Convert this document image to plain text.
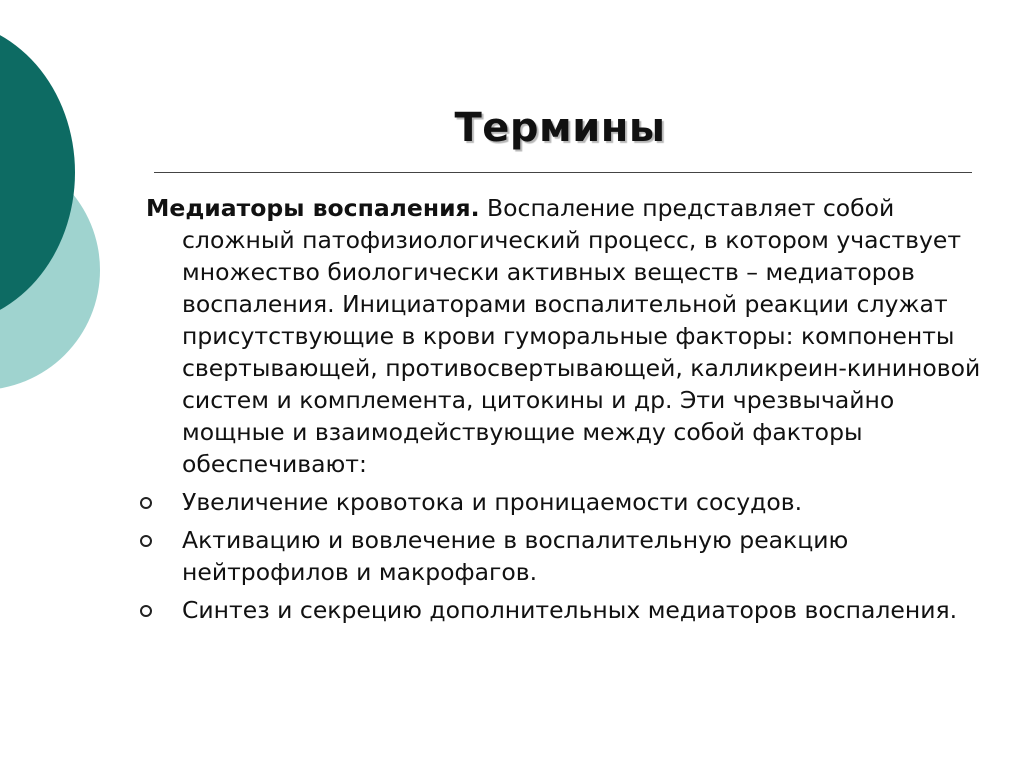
Термины

Медиаторы воспаления. Воспаление представляет собой сложный патофизиологический процесс, в котором участвует множество биологически активных веществ – медиаторов воспаления. Инициаторами воспалительной реакции служат присутствующие в крови гуморальные факторы: компоненты свертывающей, противосвертывающей, калликреин-кининовой систем и комплемента, цитокины и др. Эти чрезвычайно мощные и взаимодействующие между собой факторы обеспечивают:

Увеличение кровотока и проницаемости сосудов.
Активацию и вовлечение в воспалительную реакцию нейтрофилов и макрофагов.
Синтез и секрецию дополнительных медиаторов воспаления.
